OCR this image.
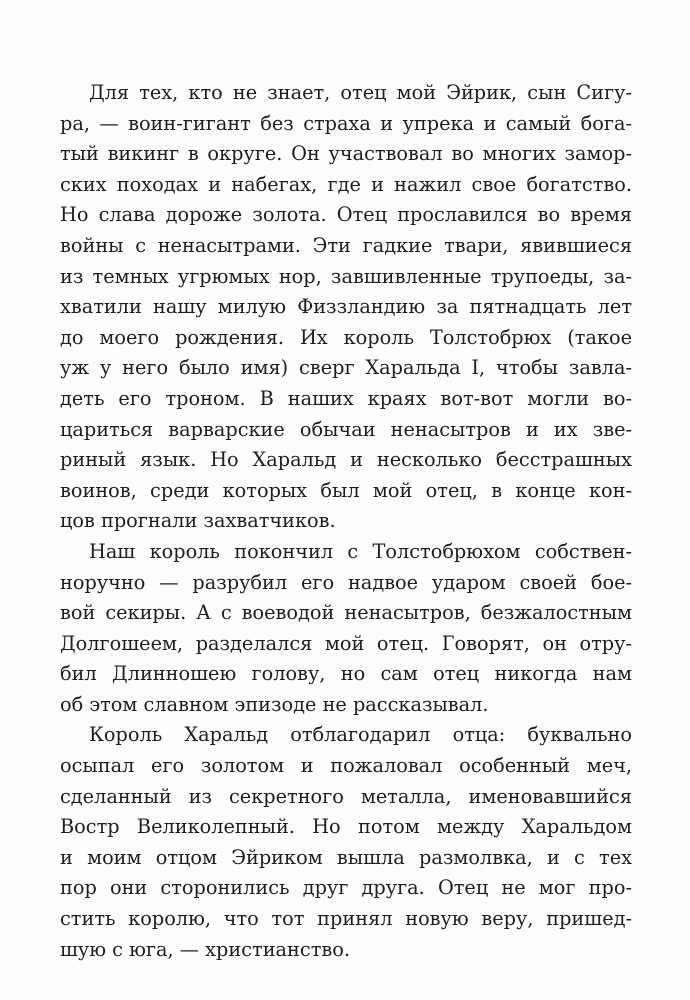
Для тех, кто не знает, отец мой Эйрик, сын Сигу-
ра, — воин-гигант без страха и упрека и самый бога-
тый викинг в округе. Он участвовал во многих замор-
ских походах и набегах, где и нажил свое богатство.
Но слава дороже золота. Отец прославился во время
войны с ненасытрами. Эти гадкие твари, явившиеся
из темных угрюмых нор, завшивленные трупоеды, за-
хватили нашу милую Физзландию за пятнадцать лет
до моего рождения. Их король Толстобрюх (такое
уж у него было имя) сверг Харальда I, чтобы завла-
деть его троном. В наших краях вот-вот могли во-
цариться варварские обычаи ненасытров и их зве-
риный язык. Но Харальд и несколько бесстрашных
воинов, среди которых был мой отец, в конце кон-
цов прогнали захватчиков.
Наш король покончил с Толстобрюхом собствен-
норучно — разрубил его надвое ударом своей бое-
вой секиры. А с воеводой ненасытров, безжалостным
Долгошеем, разделался мой отец. Говорят, он отру-
бил Длинношею голову, но сам отец никогда нам
об этом славном эпизоде не рассказывал.
Король Харальд отблагодарил отца: буквально
осыпал его золотом и пожаловал особенный меч,
сделанный из секретного металла, именовавшийся
Востр Великолепный. Но потом между Харальдом
и моим отцом Эйриком вышла размолвка, и с тех
пор они сторонились друг друга. Отец не мог про-
стить королю, что тот принял новую веру, пришед-
шую с юга, — христианство.
